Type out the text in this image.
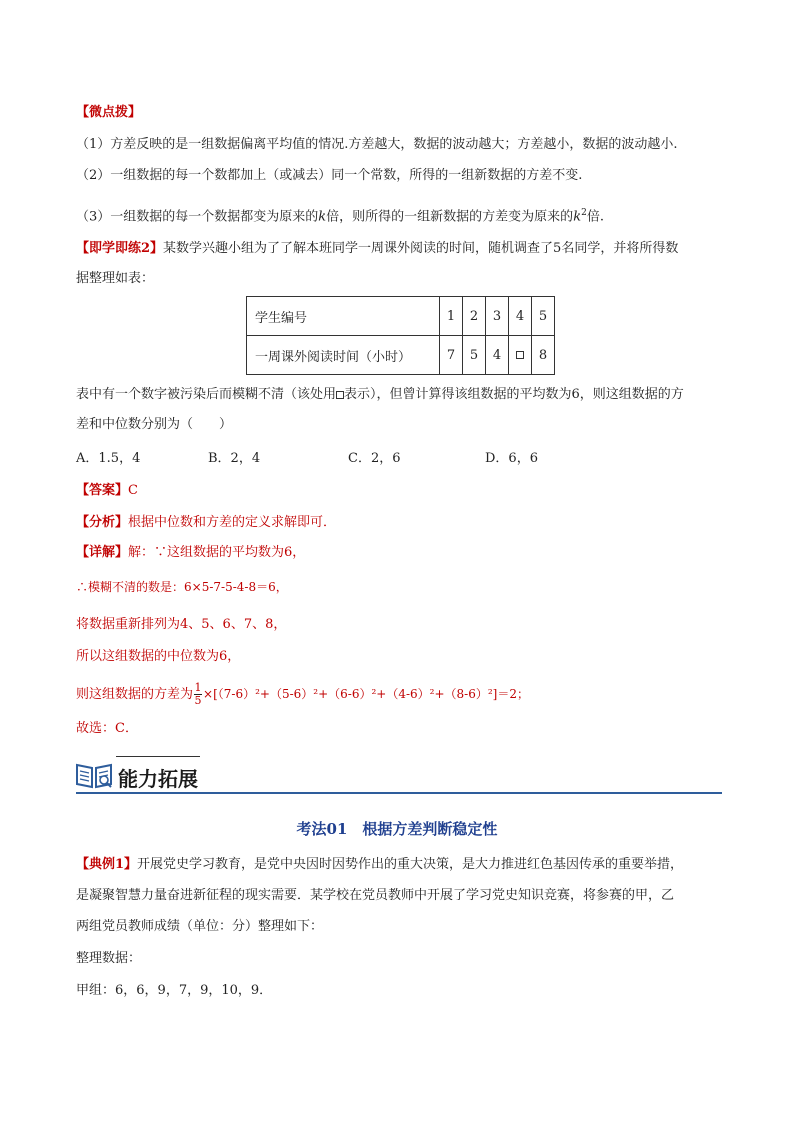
【微点拨】
（1）方差反映的是一组数据偏离平均值的情况.方差越大，数据的波动越大；方差越小，数据的波动越小.
（2）一组数据的每一个数都加上（或减去）同一个常数，所得的一组新数据的方差不变.
（3）一组数据的每一个数据都变为原来的k倍，则所得的一组新数据的方差变为原来的$k^2$倍.
【即学即练2】某数学兴趣小组为了了解本班同学一周课外阅读的时间，随机调查了5名同学，并将所得数
据整理如表：
学生编号	1	2	3	4	5
一周课外阅读时间（小时）	7	5	4		8
表中有一个数字被污染后而模糊不清（该处用 表示），但曾计算得该组数据的平均数为6，则这组数据的方
差和中位数分别为（　　）
A．1.5，4	B．2，4	C．2，6	D．6，6
【答案】C
【分析】根据中位数和方差的定义求解即可．
【详解】解：∵这组数据的平均数为6，
∴模糊不清的数是：6×5-7-5-4-8＝6，
将数据重新排列为4、5、6、7、8，
所以这组数据的中位数为6，
则这组数据的方差为 $\frac{1}{5} \times[(7-6)^2+(5-6)^2+(6-6)^2+(4-6)^2+(8-6)^2]=2$；
故选：C．
能力拓展
考法01　根据方差判断稳定性
【典例1】开展党史学习教育，是党中央因时因势作出的重大决策，是大力推进红色基因传承的重要举措，
是凝聚智慧力量奋进新征程的现实需要．某学校在党员教师中开展了学习党史知识竞赛，将参赛的甲，乙
两组党员教师成绩（单位：分）整理如下：
整理数据：
甲组：6，6，9，7，9，10，9．
